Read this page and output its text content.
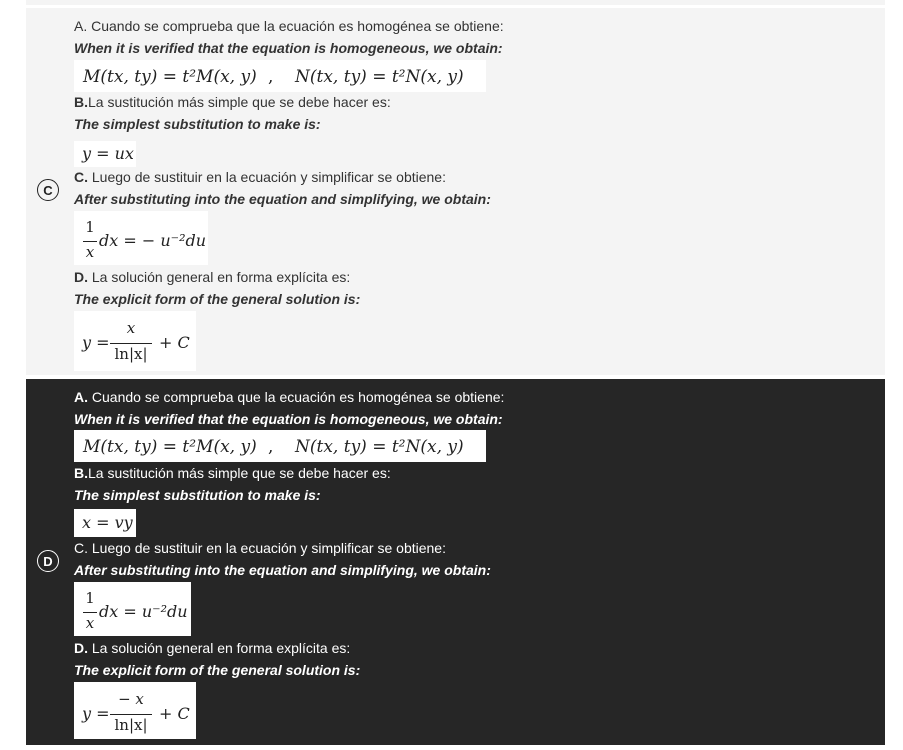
C
A. Cuando se comprueba que la ecuación es homogénea se obtiene:
When it is verified that the equation is homogeneous, we obtain:
M(tx, ty) = t²M(x, y) , N(tx, ty) = t²N(x, y)
B.La sustitución más simple que se debe hacer es:
The simplest substitution to make is:
y = ux
C. Luego de sustituir en la ecuación y simplificar se obtiene:
After substituting into the equation and simplifying, we obtain:
1
x
dx = − u⁻²du
D. La solución general en forma explícita es:
The explicit form of the general solution is:
y =
x
ln|x|
+ C
D
A. Cuando se comprueba que la ecuación es homogénea se obtiene:
When it is verified that the equation is homogeneous, we obtain:
M(tx, ty) = t²M(x, y) , N(tx, ty) = t²N(x, y)
B.La sustitución más simple que se debe hacer es:
The simplest substitution to make is:
x = vy
C. Luego de sustituir en la ecuación y simplificar se obtiene:
After substituting into the equation and simplifying, we obtain:
1
x
dx = u⁻²du
D. La solución general en forma explícita es:
The explicit form of the general solution is:
y =
− x
ln|x|
+ C
